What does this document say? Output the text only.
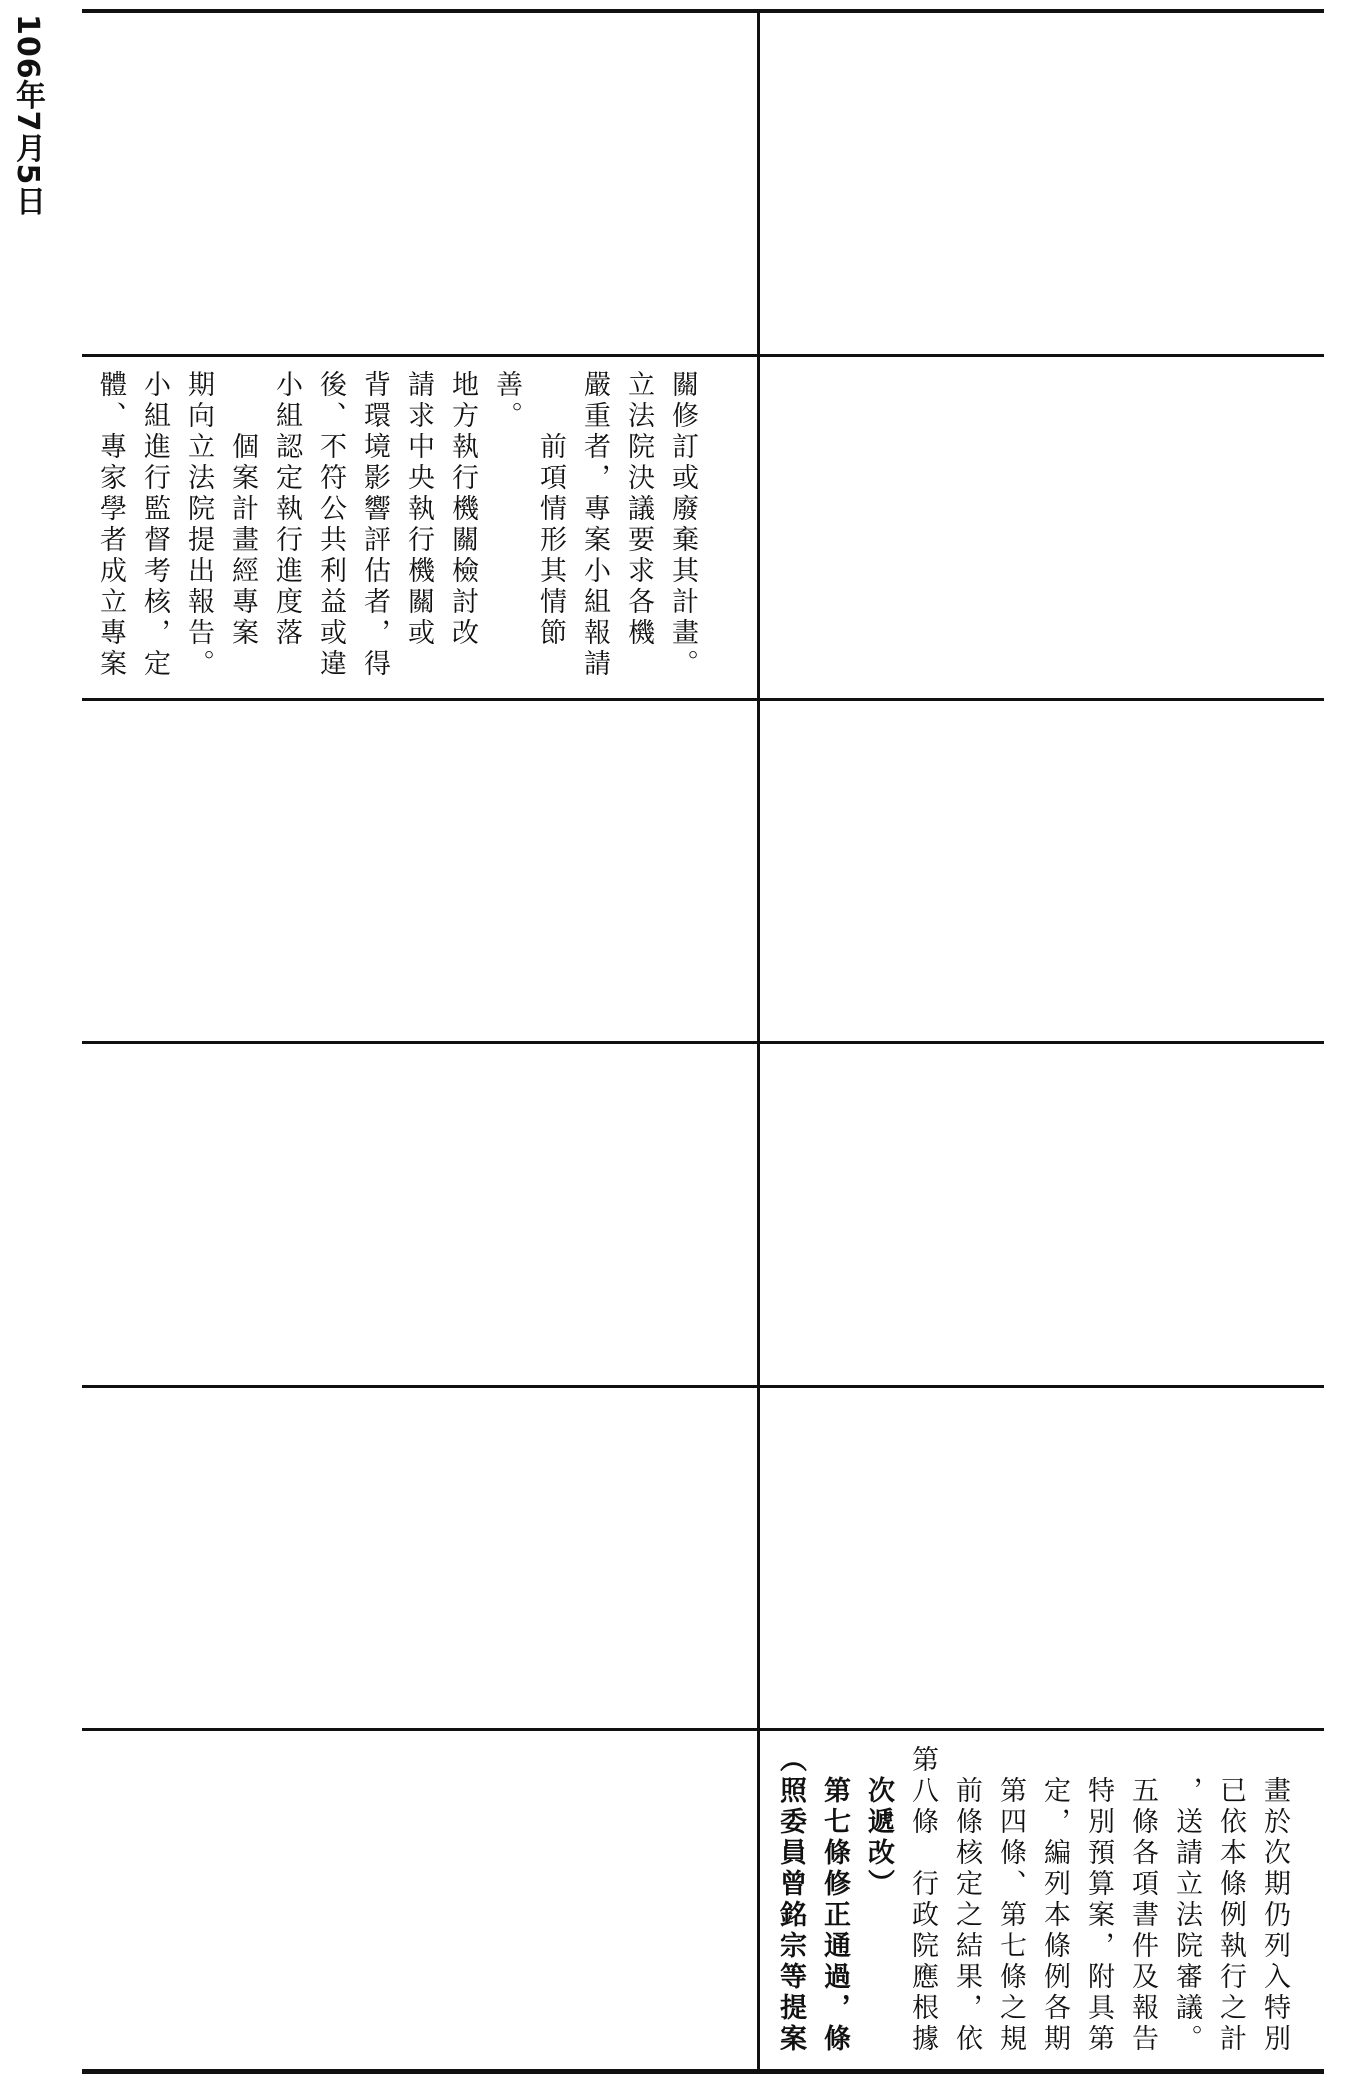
106年7月5日
體、專家學者成立專案 小組進行監督考核，定 期向立法院提出報告。 　　個案計畫經專案 小組認定執行進度落 後、不符公共利益或違 背環境影響評估者，得 請求中央執行機關或 地方執行機關檢討改 善。 　　前項情形其情節 嚴重者，專案小組報請 立法院決議要求各機 關修訂或廢棄其計畫。
（照委員曾銘宗等提案 　第七條修正通過，條 　次遞改） 第八條　行政院應根據 　前條核定之結果，依 　第四條、第七條之規 　定，編列本條例各期 　特別預算案，附具第 　五條各項書件及報告 　，送請立法院審議。 　已依本條例執行之計 　畫於次期仍列入特別
